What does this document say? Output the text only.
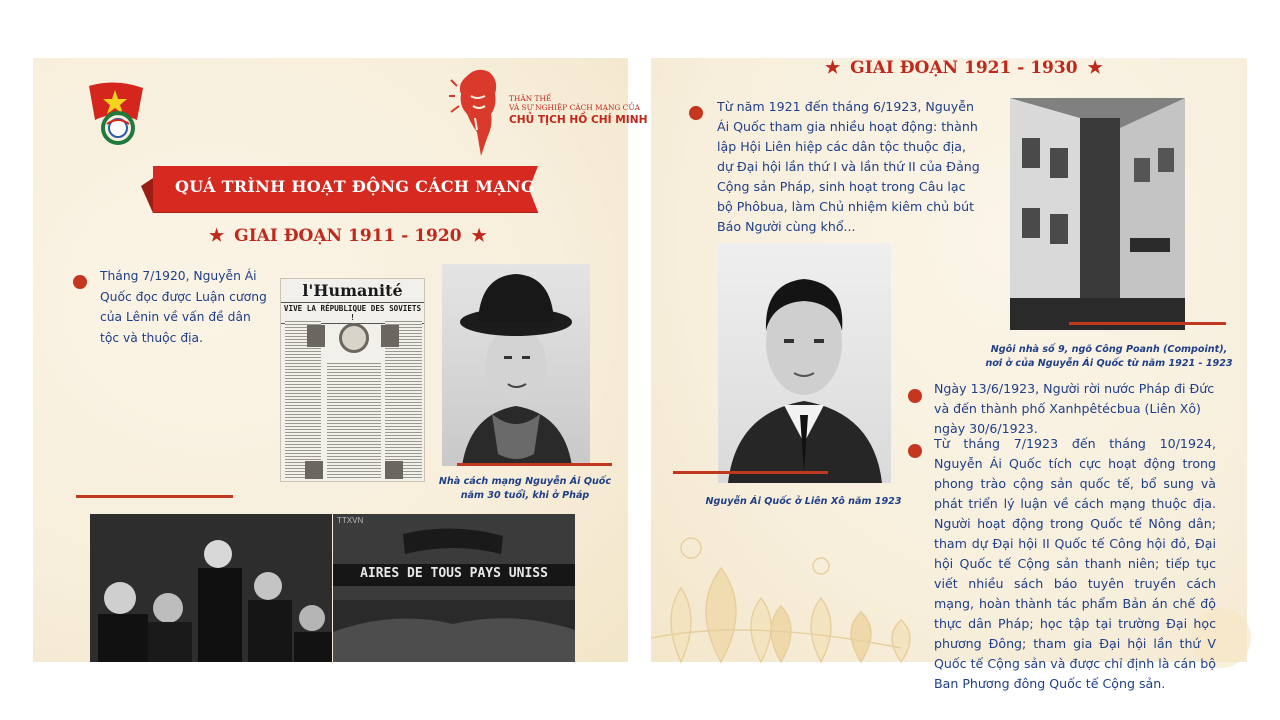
THÂN THẾ
VÀ SỰ NGHIỆP CÁCH MẠNG CỦA
CHỦ TỊCH HỒ CHÍ MINH
QUÁ TRÌNH HOẠT ĐỘNG CÁCH MẠNG
★ GIAI ĐOẠN 1911 - 1920 ★
Tháng 7/1920, Nguyễn Ái Quốc đọc được Luận cương của Lênin về vấn đề dân tộc và thuộc địa.
l'Humanité
VIVE LA RÉPUBLIQUE DES SOVIETS !
Nhà cách mạng Nguyễn Ái Quốc năm 30 tuổi, khi ở Pháp
AIRES DE TOUS PAYS UNISS
TTXVN
★ GIAI ĐOẠN 1921 - 1930 ★
Từ năm 1921 đến tháng 6/1923, Nguyễn Ái Quốc tham gia nhiều hoạt động: thành lập Hội Liên hiệp các dân tộc thuộc địa, dự Đại hội lần thứ I và lần thứ II của Đảng Cộng sản Pháp, sinh hoạt trong Câu lạc bộ Phôbua, làm Chủ nhiệm kiêm chủ bút Báo Người cùng khổ...
Ngôi nhà số 9, ngõ Công Poanh (Compoint),
nơi ở của Nguyễn Ái Quốc từ năm 1921 - 1923
Nguyễn Ái Quốc ở Liên Xô năm 1923
Ngày 13/6/1923, Người rời nước Pháp đi Đức và đến thành phố Xanhpêtécbua (Liên Xô) ngày 30/6/1923.
Từ tháng 7/1923 đến tháng 10/1924, Nguyễn Ái Quốc tích cực hoạt động trong phong trào cộng sản quốc tế, bổ sung và phát triển lý luận về cách mạng thuộc địa. Người hoạt động trong Quốc tế Nông dân; tham dự Đại hội II Quốc tế Công hội đỏ, Đại hội Quốc tế Cộng sản thanh niên; tiếp tục viết nhiều sách báo tuyên truyền cách mạng, hoàn thành tác phẩm Bản án chế độ thực dân Pháp; học tập tại trường Đại học phương Đông; tham gia Đại hội lần thứ V Quốc tế Cộng sản và được chỉ định là cán bộ Ban Phương đông Quốc tế Cộng sản.
